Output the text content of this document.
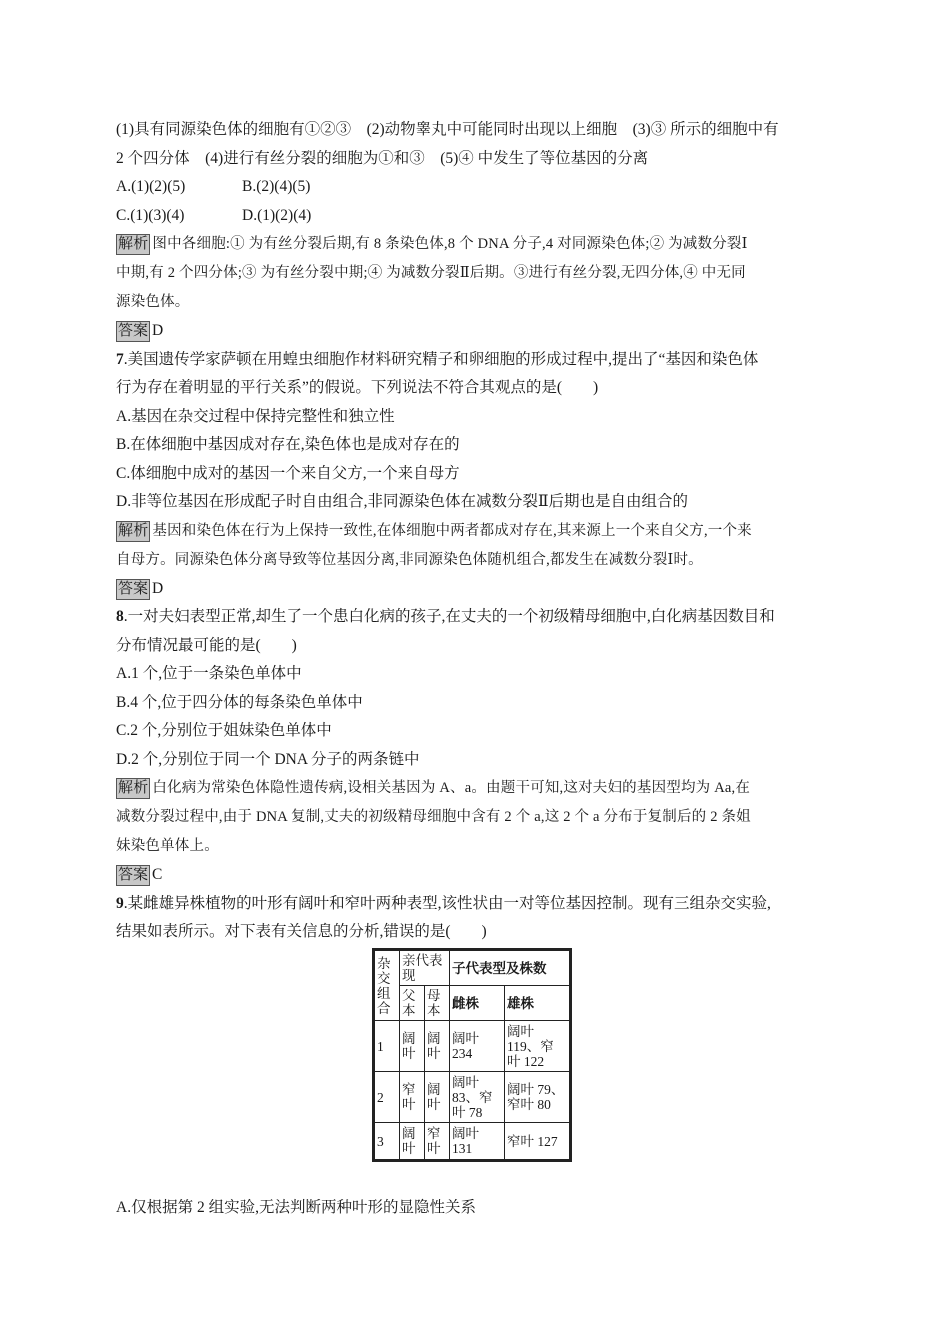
(1)具有同源染色体的细胞有①②③　(2)动物睾丸中可能同时出现以上细胞　(3)③ 所示的细胞中有
2 个四分体　(4)进行有丝分裂的细胞为①和③　(5)④ 中发生了等位基因的分离
A.(1)(2)(5)	B.(2)(4)(5)
C.(1)(3)(4)	D.(1)(2)(4)
解析 图中各细胞:① 为有丝分裂后期,有 8 条染色体,8 个 DNA 分子,4 对同源染色体;② 为减数分裂Ⅰ
中期,有 2 个四分体;③ 为有丝分裂中期;④ 为减数分裂Ⅱ后期。③进行有丝分裂,无四分体,④ 中无同
源染色体。
答案 D
7.美国遗传学家萨顿在用蝗虫细胞作材料研究精子和卵细胞的形成过程中,提出了“基因和染色体
行为存在着明显的平行关系”的假说。下列说法不符合其观点的是(　　)
A.基因在杂交过程中保持完整性和独立性
B.在体细胞中基因成对存在,染色体也是成对存在的
C.体细胞中成对的基因一个来自父方,一个来自母方
D.非等位基因在形成配子时自由组合,非同源染色体在减数分裂Ⅱ后期也是自由组合的
解析 基因和染色体在行为上保持一致性,在体细胞中两者都成对存在,其来源上一个来自父方,一个来
自母方。同源染色体分离导致等位基因分离,非同源染色体随机组合,都发生在减数分裂Ⅰ时。
答案 D
8.一对夫妇表型正常,却生了一个患白化病的孩子,在丈夫的一个初级精母细胞中,白化病基因数目和
分布情况最可能的是(　　)
A.1 个,位于一条染色单体中
B.4 个,位于四分体的每条染色单体中
C.2 个,分别位于姐妹染色单体中
D.2 个,分别位于同一个 DNA 分子的两条链中
解析 白化病为常染色体隐性遗传病,设相关基因为 A、a。由题干可知,这对夫妇的基因型均为 Aa,在
减数分裂过程中,由于 DNA 复制,丈夫的初级精母细胞中含有 2 个 a,这 2 个 a 分布于复制后的 2 条姐
妹染色单体上。
答案 C
9.某雌雄异株植物的叶形有阔叶和窄叶两种表型,该性状由一对等位基因控制。现有三组杂交实验,
结果如表所示。对下表有关信息的分析,错误的是(　　)
杂交组合	亲代表现		子代表型及株数	
	父本	母本	雌株	雄株
1	阔叶	阔叶	阔叶 234	阔叶 119、窄叶 122
2	窄叶	阔叶	阔叶 83、窄叶 78	阔叶 79、窄叶 80
3	阔叶	窄叶	阔叶 131	窄叶 127
A.仅根据第 2 组实验,无法判断两种叶形的显隐性关系
